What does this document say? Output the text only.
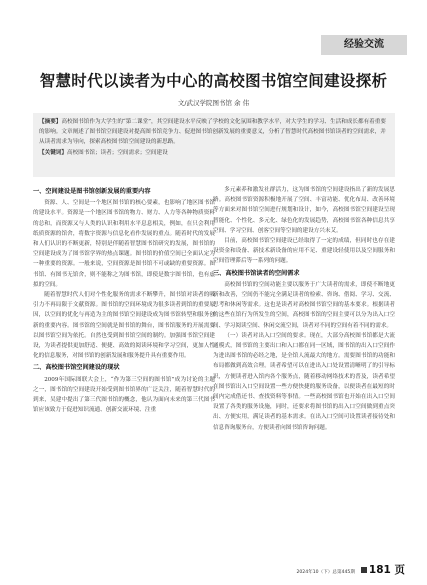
经验交流
智慧时代以读者为中心的高校图书馆空间建设探析
文/武汉学院图书馆 余 伟
【摘要】高校图书馆作为大学生的“第二课堂”，其空间建设水平反映了学校的文化氛围和教学水平，对大学生的学习、生活和成长都有着重要的影响。文章阐述了图书馆空间建设对提高图书馆竞争力、促进图书馆创新发展的重要意义，分析了智慧时代高校图书馆读者的空间需求，并从读者需求为导向，探索高校图书馆空间建设的新思路。
【关键词】高校图书馆；读者；空间需求；空间建设
一、空间建设是图书馆创新发展的重要内容

资源、人、空间是一个地区图书馆的核心要素，也影响了地区图书馆的建设水平。资源是一个地区图书馆的物力、财力、人力等各种物质资料的总和，而资源又与人类的认识和利用水平息息相关，例如，在只会利用纸质资源的馆舍，将数字资源与信息化看作发展的重点。随着时代的发展和人们认识的不断更新，特别是伴随着智慧图书馆研究的发展，图书馆的空间建设成为了图书馆学界的热点课题。图书馆的价值空间已全面认定为一种重要的资源。一般来说，空间资源是图书馆不可或缺的重要资源。图书馆、有图书无馆舍，则不能称之为图书馆，即使是数字图书馆，也有虚拟的空间。

随着智慧时代人们对个性化服务的需求不断攀升，图书馆对读者的吸引力不再局限于文献资源。图书馆的空间环境成为很多读者到馆的重要原因，以空间的优化与再造为主的图书馆空间建设成为图书馆转型和服务创新的重要内容。图书馆的空间就是图书馆的舞台，图书馆服务的开展需要以图书馆空间为依托。自然也受到图书馆空间的制约。加强图书馆空间建设，为读者提供更加舒适、便捷、高效的阅读环境和学习空间，更加人性化的信息服务，对图书馆的创新发展和服务提升具有重要作用。

二、高校图书馆空间建设的现状

2009年国际图联大会上，“作为第三空间的图书馆”成为讨论的主题之一，图书馆的空间建设开始受到图书馆界的广泛关注，随着智慧时代的到来，吴建中提出了第三代图书馆的概念，他认为面向未来的第三代图书馆应该致力于促进知识流通、创新交流环境、注重

多元素养和激发社群活力，这为图书馆的空间建设指出了新的发展思路。高校图书馆资源积极地开展了空间、丰富功能、优化布局、改善环境等方面来对图书馆空间进行规划和设计，如今，高校图书馆空间建设呈现智能化、个性化、多元化、绿色化的发展趋势，高校图书馆各种信息共享空间、学习空间、创客空间等空间的建设方兴未艾。

目前，高校图书馆空间建设已经取得了一定的成绩，但同时也存在建设资金和设备、新技术新设备的应用不足、重建设轻使用以及空间服务和空间管理滞后等一系列的问题。

三、高校图书馆读者的空间需求

高校图书馆的空间功能主要以服务于广大读者的需求，即使不断地更新和改善，空间仍不能完全满足读者的检索、咨询、借阅、学习、交流、思考和休闲等需求。这也是读者对高校图书馆空间的基本要求。根据读者的这些在馆行为所发生的空间，高校图书馆的空间主要可以分为出入口空间、学习阅读空间、休闲交流空间，读者对不同的空间有着不同的需求。

（一）读者对出入口空间的要求。现在，大部分高校图书馆都是大流通模式，图书馆的主要出口和入口都在同一区域，图书馆的出入口空间作为进出图书馆的必经之地，是全馆人流最大的地方。需要图书馆的功能和布局都做到高效合理。读者希望可以在进出入口处设置清晰明了的引导标识，方便读者进入馆内各个服务点，随着移动网络技术的普及，读者希望在图书馆出入口空间设置一些方便快捷的服务设备，以便读者在最短的时间内完成借还书、查找资料等事情。一些高校图书馆也开始在出入口空间设置了各类的服务设施，同时，还要求将图书馆的出入口空间做到重点突出、方便实用，满足读者的基本需求。在出入口空间可设置读者接待处和信息咨询服务台，方便读者向图书馆咨询问题。

2024年10（下）总第445期	181 页
